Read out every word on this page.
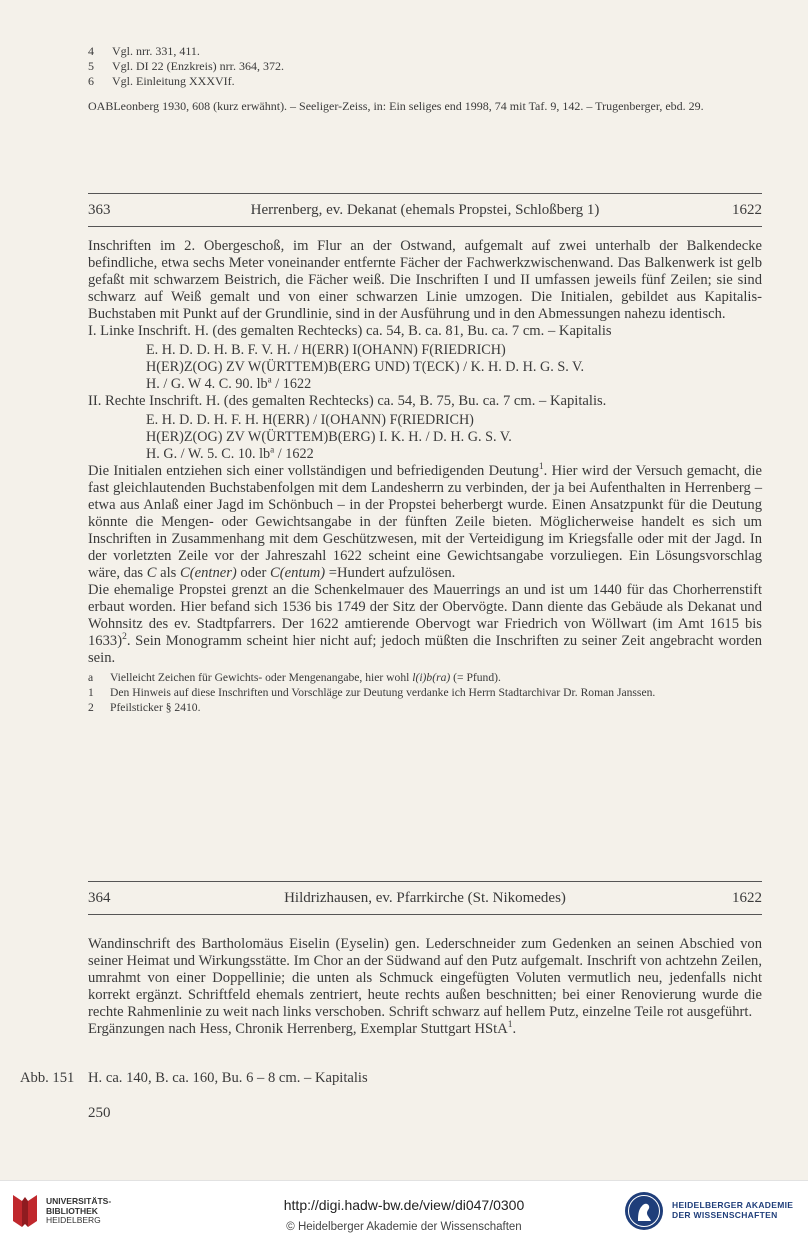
4 Vgl. nrr. 331, 411.
5 Vgl. DI 22 (Enzkreis) nrr. 364, 372.
6 Vgl. Einleitung XXXVIf.
OABLeonberg 1930, 608 (kurz erwähnt). – Seeliger-Zeiss, in: Ein seliges end 1998, 74 mit Taf. 9, 142. – Trugenberger, ebd. 29.
363	Herrenberg, ev. Dekanat (ehemals Propstei, Schloßberg 1)	1622

Inschriften im 2. Obergeschoß, im Flur an der Ostwand, aufgemalt auf zwei unterhalb der Balkendecke befindliche, etwa sechs Meter voneinander entfernte Fächer der Fachwerkzwischenwand. Das Balkenwerk ist gelb gefaßt mit schwarzem Beistrich, die Fächer weiß. Die Inschriften I und II umfassen jeweils fünf Zeilen; sie sind schwarz auf Weiß gemalt und von einer schwarzen Linie umzogen. Die Initialen, gebildet aus Kapitalis-Buchstaben mit Punkt auf der Grundlinie, sind in der Ausführung und in den Abmessungen nahezu identisch.

I. Linke Inschrift. H. (des gemalten Rechtecks) ca. 54, B. ca. 81, Bu. ca. 7 cm. – Kapitalis

E. H. D. D. H. B. F. V. H. / H(ERR) I(OHANN) F(RIEDRICH)
H(ER)Z(OG) ZV W(ÜRTTEM)B(ERG UND) T(ECK) / K. H. D. H. G. S. V.
H. / G. W 4. C. 90. $lb^a / 1622$

II. Rechte Inschrift. H. (des gemalten Rechtecks) ca. 54, B. 75, Bu. ca. 7 cm. – Kapitalis.

E. H. D. D. H. F. H. H(ERR) / I(OHANN) F(RIEDRICH)
H(ER)Z(OG) ZV W(ÜRTTEM)B(ERG) I. K. H. / D. H. G. S. V.
H. G. / W. 5. C. 10. $lb^a / 1622$

Die Initialen entziehen sich einer vollständigen und befriedigenden Deutung$^1$. Hier wird der Versuch gemacht, die fast gleichlautenden Buchstabenfolgen mit dem Landesherrn zu verbinden, der ja bei Aufenthalten in Herrenberg – etwa aus Anlaß einer Jagd im Schönbuch – in der Propstei beherbergt wurde. Einen Ansatzpunkt für die Deutung könnte die Mengen- oder Gewichtsangabe in der fünften Zeile bieten. Möglicherweise handelt es sich um Inschriften in Zusammenhang mit dem Geschützwesen, mit der Verteidigung im Kriegsfalle oder mit der Jagd. In der vorletzten Zeile vor der Jahreszahl 1622 scheint eine Gewichtsangabe vorzuliegen. Ein Lösungsvorschlag wäre, das C als C(entner) oder C(entum) =Hundert aufzulösen.

Die ehemalige Propstei grenzt an die Schenkelmauer des Mauerrings an und ist um 1440 für das Chorherrenstift erbaut worden. Hier befand sich 1536 bis 1749 der Sitz der Obervögte. Dann diente das Gebäude als Dekanat und Wohnsitz des ev. Stadtpfarrers. Der 1622 amtierende Obervogt war Friedrich von Wöllwart (im Amt 1615 bis 1633)$^2$. Sein Monogramm scheint hier nicht auf; jedoch müßten die Inschriften zu seiner Zeit angebracht worden sein.

a Vielleicht Zeichen für Gewichts- oder Mengenangabe, hier wohl l(i)b(ra) (= Pfund).
1 Den Hinweis auf diese Inschriften und Vorschläge zur Deutung verdanke ich Herrn Stadtarchivar Dr. Roman Janssen.
2 Pfeilsticker § 2410.
364	Hildrizhausen, ev. Pfarrkirche (St. Nikomedes)	1622

Wandinschrift des Bartholomäus Eiselin (Eyselin) gen. Lederschneider zum Gedenken an seinen Abschied von seiner Heimat und Wirkungsstätte. Im Chor an der Südwand auf den Putz aufgemalt. Inschrift von achtzehn Zeilen, umrahmt von einer Doppellinie; die unten als Schmuck eingefügten Voluten vermutlich neu, jedenfalls nicht korrekt ergänzt. Schriftfeld ehemals zentriert, heute rechts außen beschnitten; bei einer Renovierung wurde die rechte Rahmenlinie zu weit nach links verschoben. Schrift schwarz auf hellem Putz, einzelne Teile rot ausgeführt.

Ergänzungen nach Hess, Chronik Herrenberg, Exemplar Stuttgart HStA$^1$.

Abb. 151 H. ca. 140, B. ca. 160, Bu. 6 – 8 cm. – Kapitalis
250
UNIVERSITÄTS-
BIBLIOTHEK
HEIDELBERG
http://digi.hadw-bw.de/view/di047/0300
© Heidelberger Akademie der Wissenschaften
HEIDELBERGER AKADEMIE
DER WISSENSCHAFTEN
